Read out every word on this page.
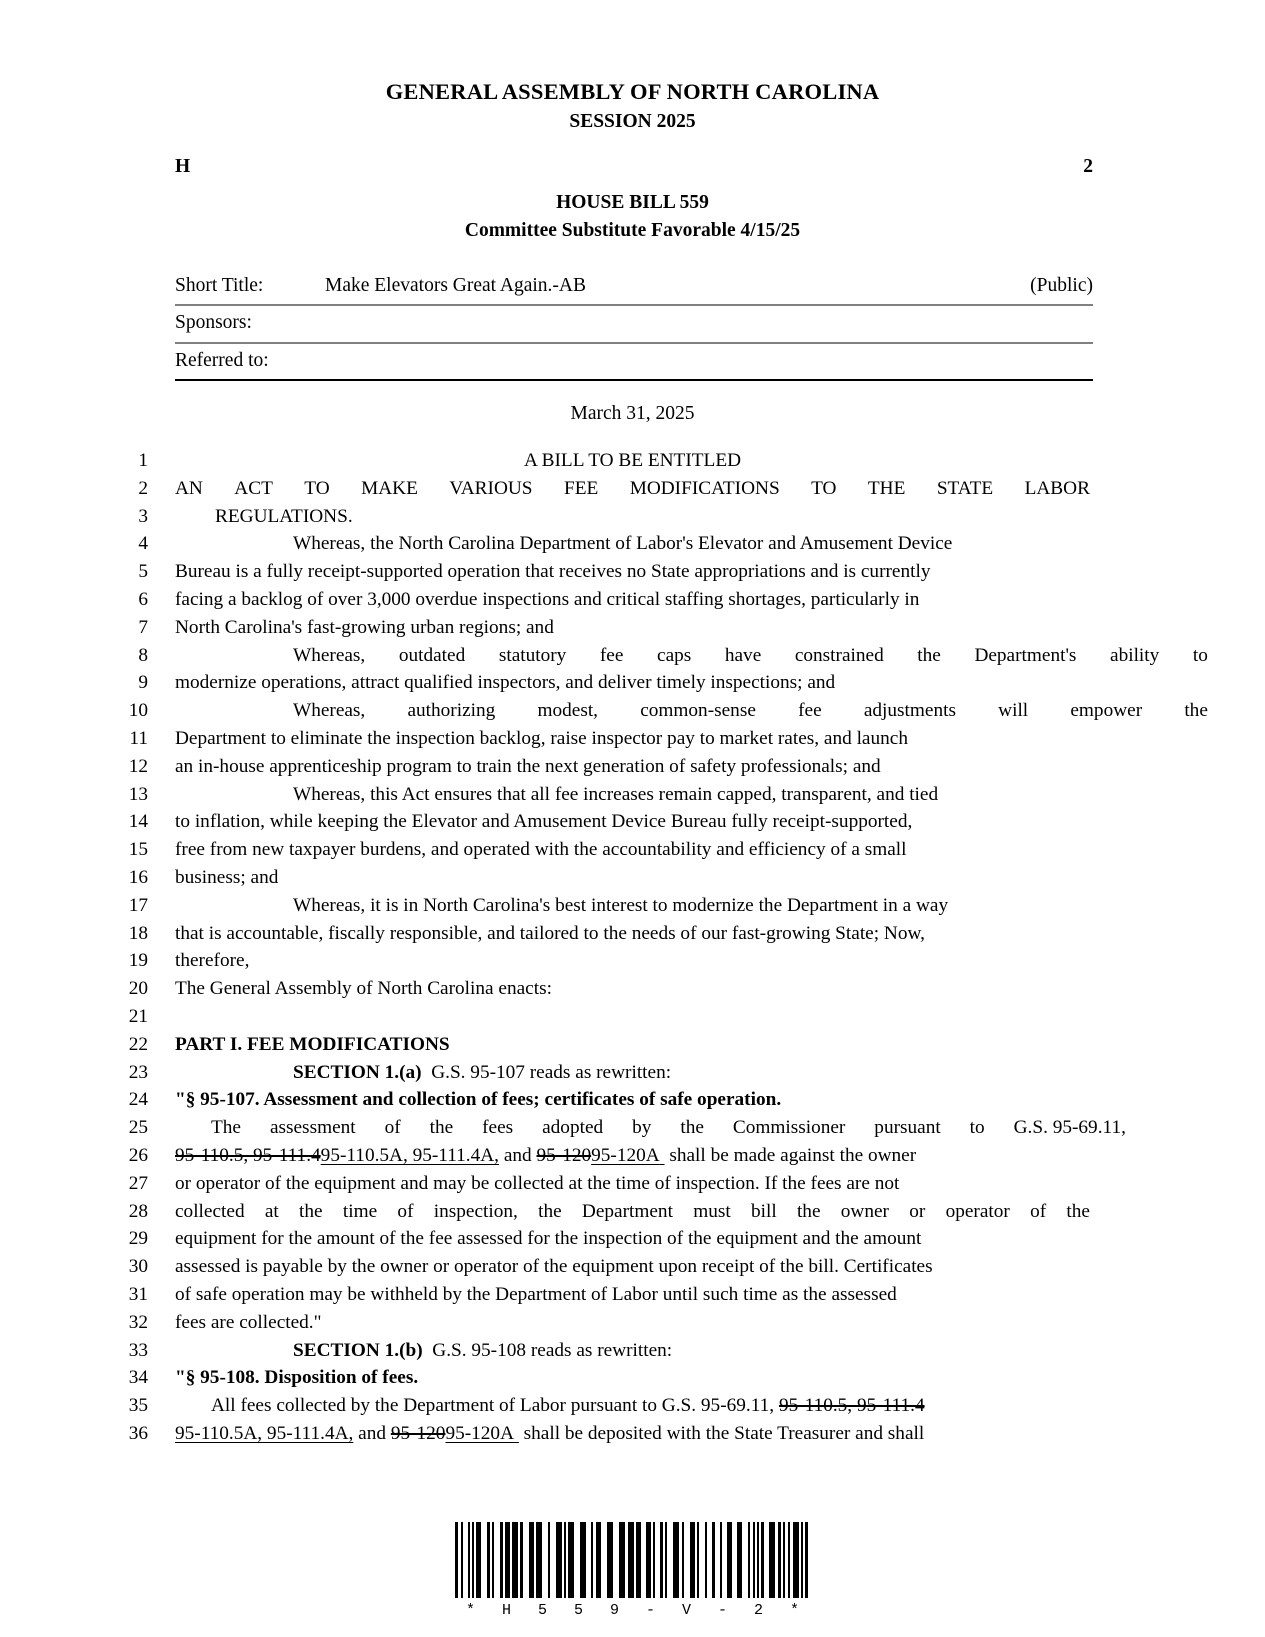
GENERAL ASSEMBLY OF NORTH CAROLINA
SESSION 2025
H	2
HOUSE BILL 559
Committee Substitute Favorable 4/15/25
Short Title:	Make Elevators Great Again.-AB	(Public)
Sponsors:		
Referred to:		
March 31, 2025
1	A BILL TO BE ENTITLED
2 AN ACT TO MAKE VARIOUS FEE MODIFICATIONS TO THE STATE LABOR
3	REGULATIONS.
4	Whereas, the North Carolina Department of Labor's Elevator and Amusement Device
5 Bureau is a fully receipt-supported operation that receives no State appropriations and is currently
6 facing a backlog of over 3,000 overdue inspections and critical staffing shortages, particularly in
7 North Carolina's fast-growing urban regions; and
8	Whereas, outdated statutory fee caps have constrained the Department's ability to
9 modernize operations, attract qualified inspectors, and deliver timely inspections; and
10	Whereas, authorizing modest, common-sense fee adjustments will empower the
11 Department to eliminate the inspection backlog, raise inspector pay to market rates, and launch
12 an in-house apprenticeship program to train the next generation of safety professionals; and
13	Whereas, this Act ensures that all fee increases remain capped, transparent, and tied
14 to inflation, while keeping the Elevator and Amusement Device Bureau fully receipt-supported,
15 free from new taxpayer burdens, and operated with the accountability and efficiency of a small
16 business; and
17	Whereas, it is in North Carolina's best interest to modernize the Department in a way
18 that is accountable, fiscally responsible, and tailored to the needs of our fast-growing State; Now,
19 therefore,
20 The General Assembly of North Carolina enacts:
21
22 PART I. FEE MODIFICATIONS
23	SECTION 1.(a)  G.S. 95-107 reads as rewritten:
24 "§ 95-107. Assessment and collection of fees; certificates of safe operation.
25	The assessment of the fees adopted by the Commissioner pursuant to G.S. 95-69.11,
26 95-110.5, 95-111.495-110.5A, 95-111.4A, and 95-12095-120A  shall be made against the owner
27 or operator of the equipment and may be collected at the time of inspection. If the fees are not
28 collected at the time of inspection, the Department must bill the owner or operator of the
29 equipment for the amount of the fee assessed for the inspection of the equipment and the amount
30 assessed is payable by the owner or operator of the equipment upon receipt of the bill. Certificates
31 of safe operation may be withheld by the Department of Labor until such time as the assessed
32 fees are collected."
33	SECTION 1.(b)  G.S. 95-108 reads as rewritten:
34 "§ 95-108. Disposition of fees.
35	All fees collected by the Department of Labor pursuant to G.S. 95-69.11, 95-110.5, 95-111.4
36 95-110.5A, 95-111.4A, and 95-12095-120A  shall be deposited with the State Treasurer and shall
* H 5 5 9 - V - 2 *
